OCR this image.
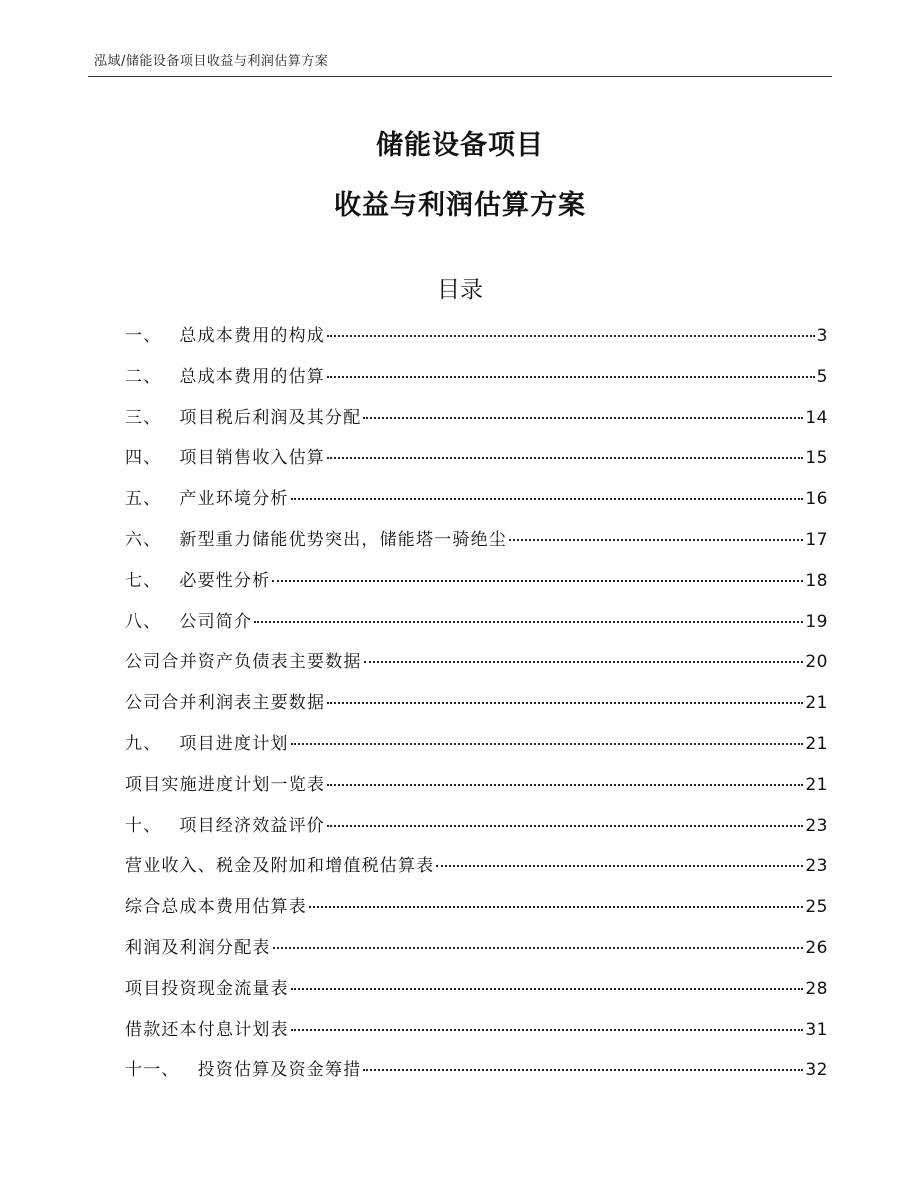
泓域/储能设备项目收益与利润估算方案
储能设备项目
收益与利润估算方案
目录
一、 总成本费用的构成	3
二、 总成本费用的估算	5
三、 项目税后利润及其分配	14
四、 项目销售收入估算	15
五、 产业环境分析	16
六、 新型重力储能优势突出，储能塔一骑绝尘	17
七、 必要性分析	18
八、 公司简介	19
公司合并资产负债表主要数据	20
公司合并利润表主要数据	21
九、 项目进度计划	21
项目实施进度计划一览表	21
十、 项目经济效益评价	23
营业收入、税金及附加和增值税估算表	23
综合总成本费用估算表	25
利润及利润分配表	26
项目投资现金流量表	28
借款还本付息计划表	31
十一、 投资估算及资金筹措	32
